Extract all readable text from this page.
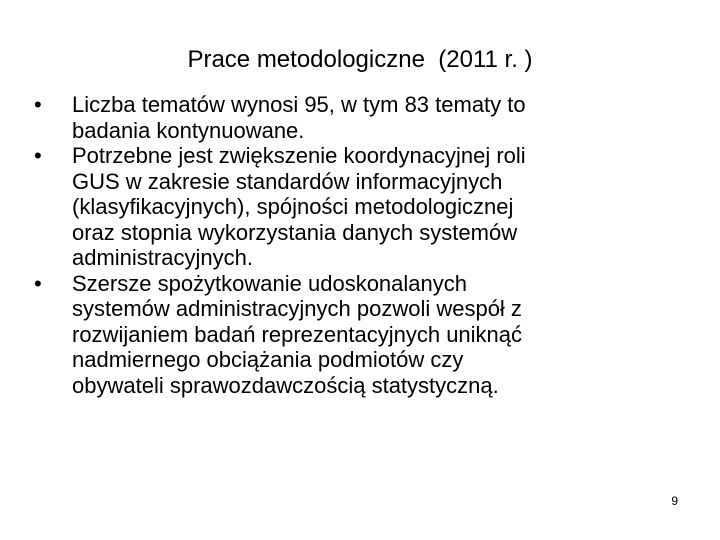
Prace metodologiczne  (2011 r. )
•	Liczba tematów wynosi 95, w tym 83 tematy to
badania kontynuowane.
•	Potrzebne jest zwiększenie koordynacyjnej roli
GUS w zakresie standardów informacyjnych
(klasyfikacyjnych), spójności metodologicznej
oraz stopnia wykorzystania danych systemów
administracyjnych.
•	Szersze spożytkowanie udoskonalanych
systemów administracyjnych pozwoli wespół z
rozwijaniem badań reprezentacyjnych uniknąć
nadmiernego obciążania podmiotów czy
obywateli sprawozdawczością statystyczną.
9
